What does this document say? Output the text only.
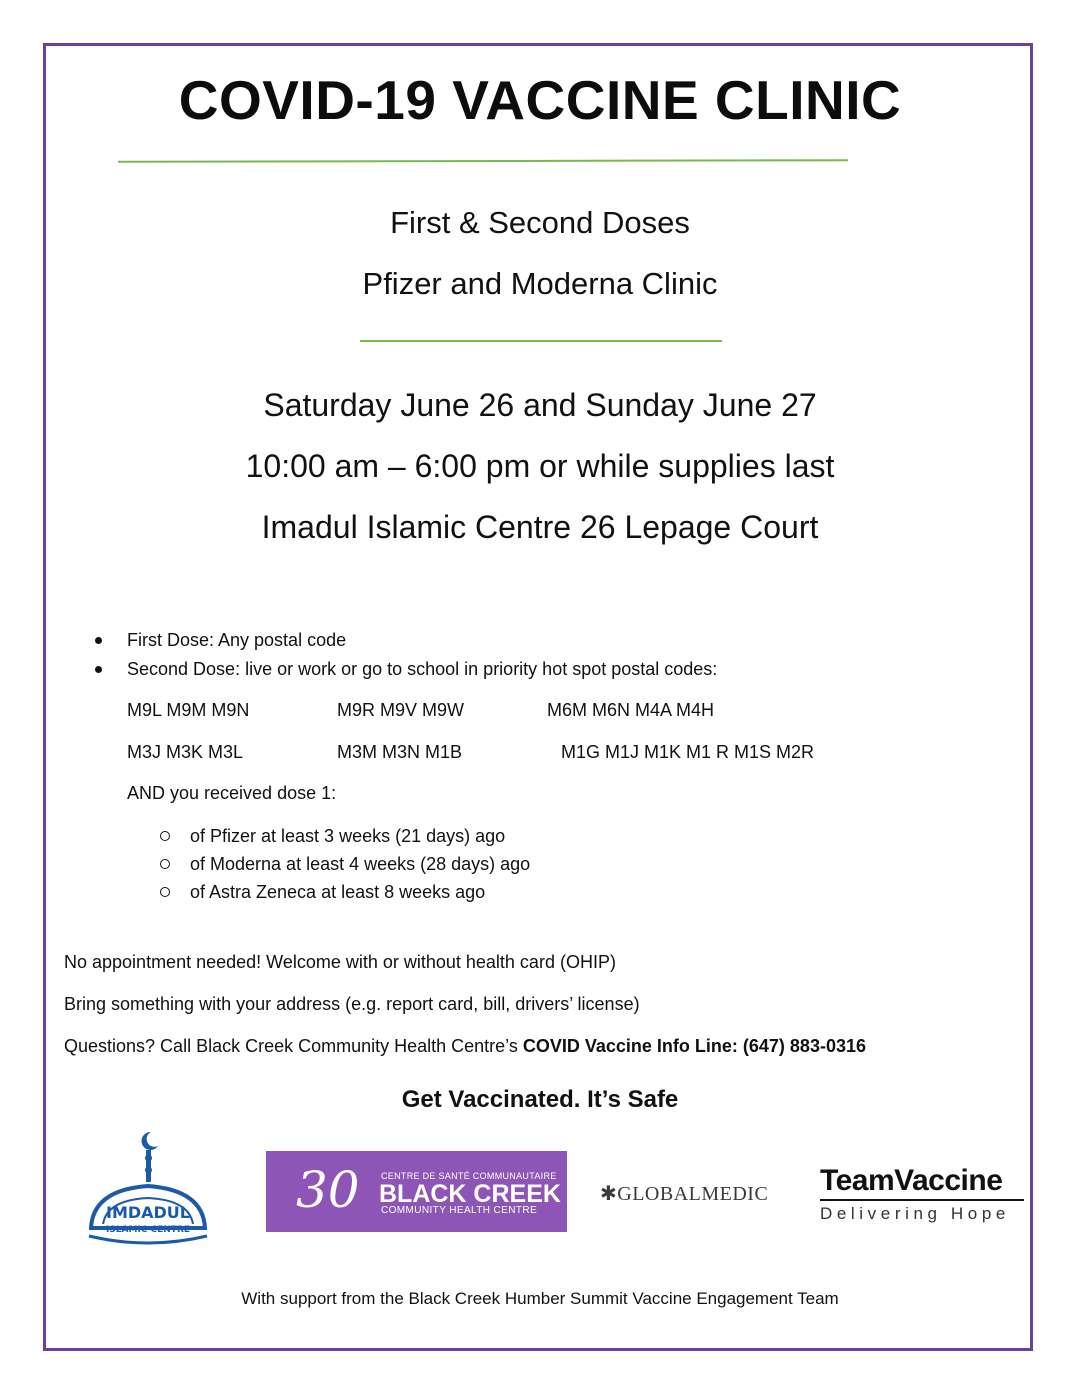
COVID-19 VACCINE CLINIC
First & Second Doses
Pfizer and Moderna Clinic
Saturday June 26 and Sunday June 27
10:00 am – 6:00 pm or while supplies last
Imadul Islamic Centre 26 Lepage Court
First Dose: Any postal code
Second Dose: live or work or go to school in priority hot spot postal codes:
M9L M9M M9N	M9R M9V M9W	M6M M6N M4A M4H
M3J M3K M3L	M3M M3N M1B	M1G M1J M1K M1 R M1S M2R
AND you received dose 1:
of Pfizer at least 3 weeks (21 days) ago
of Moderna at least 4 weeks (28 days) ago
of Astra Zeneca at least 8 weeks ago
No appointment needed! Welcome with or without health card (OHIP)
Bring something with your address (e.g. report card, bill, drivers’ license)
Questions? Call Black Creek Community Health Centre’s COVID Vaccine Info Line: (647) 883-0316
Get Vaccinated. It’s Safe
IMDADUL
ISLAMIC CENTRE
30 CENTRE DE SANTÉ COMMUNAUTAIRE
BLACK CREEK
COMMUNITY HEALTH CENTRE
✱GLOBALMEDIC TeamVaccine
Delivering Hope
With support from the Black Creek Humber Summit Vaccine Engagement Team
